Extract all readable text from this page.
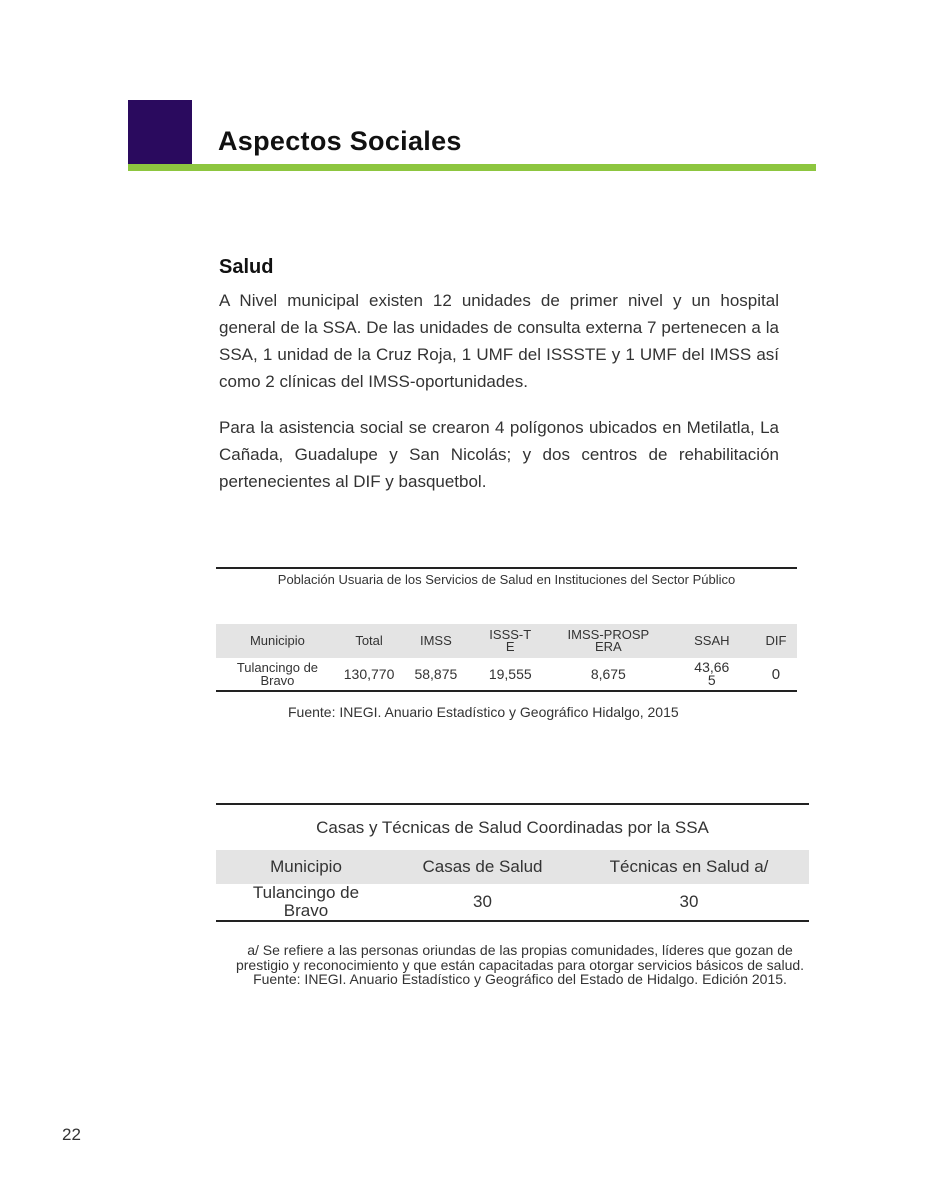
Aspectos Sociales
Salud

A Nivel municipal existen 12 unidades de primer nivel y un hospital general de la SSA. De las unidades de consulta externa 7 pertenecen a la SSA, 1 unidad de la Cruz Roja, 1 UMF del ISSSTE y 1 UMF del IMSS así como 2 clínicas del IMSS-oportunidades.

Para la asistencia social se crearon 4 polígonos ubicados en Metilatla, La Cañada, Guadalupe y San Nicolás; y dos centros de rehabilitación pertenecientes al DIF y basquetbol.

Población Usuaria de los Servicios de Salud en Instituciones del Sector Público						

Municipio	Total	IMSS	ISSS-TE	IMSS-PROSPERA	SSAH	DIF

Tulancingo de Bravo	130,770	58,875	19,555	8,675	43,665	0
Fuente: INEGI. Anuario Estadístico y Geográfico Hidalgo, 2015
Casas y Técnicas de Salud Coordinadas por la SSA		
Municipio	Casas de Salud	Técnicas en Salud a/

Tulancingo de Bravo	30	30
a/ Se refiere a las personas oriundas de las propias comunidades, líderes que gozan de prestigio y reconocimiento y que están capacitadas para otorgar servicios básicos de salud.
Fuente: INEGI. Anuario Estadístico y Geográfico del Estado de Hidalgo. Edición 2015.
22
